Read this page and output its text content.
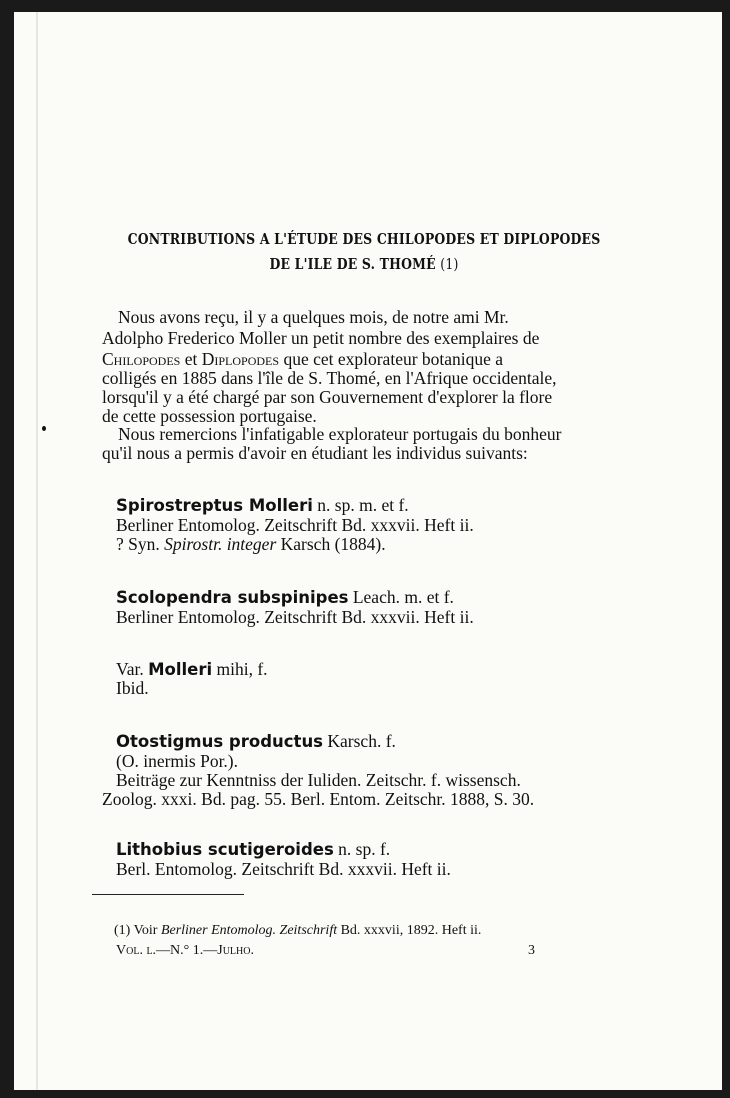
CONTRIBUTIONS A L'ÉTUDE DES CHILOPODES ET DIPLOPODES
DE L'ILE DE S. THOMÉ (1)
Nous avons reçu, il y a quelques mois, de notre ami Mr.
Adolpho Frederico Moller un petit nombre des exemplaires de
Chilopodes et Diplopodes que cet explorateur botanique a
colligés en 1885 dans l'île de S. Thomé, en l'Afrique occidentale,
lorsqu'il y a été chargé par son Gouvernement d'explorer la flore
de cette possession portugaise.
Nous remercions l'infatigable explorateur portugais du bonheur
qu'il nous a permis d'avoir en étudiant les individus suivants:
Spirostreptus Molleri n. sp. m. et f.
Berliner Entomolog. Zeitschrift Bd. xxxvii. Heft ii.
? Syn. Spirostr. integer Karsch (1884).
Scolopendra subspinipes Leach. m. et f.
Berliner Entomolog. Zeitschrift Bd. xxxvii. Heft ii.
Var. Molleri mihi, f.
Ibid.
Otostigmus productus Karsch. f.
(O. inermis Por.).
Beiträge zur Kenntniss der Iuliden. Zeitschr. f. wissensch.
Zoolog. xxxi. Bd. pag. 55. Berl. Entom. Zeitschr. 1888, S. 30.
Lithobius scutigeroides n. sp. f.
Berl. Entomolog. Zeitschrift Bd. xxxvii. Heft ii.
(1) Voir Berliner Entomolog. Zeitschrift Bd. xxxvii, 1892. Heft ii.
Vol. l.—N.° 1.—Julho.	3
